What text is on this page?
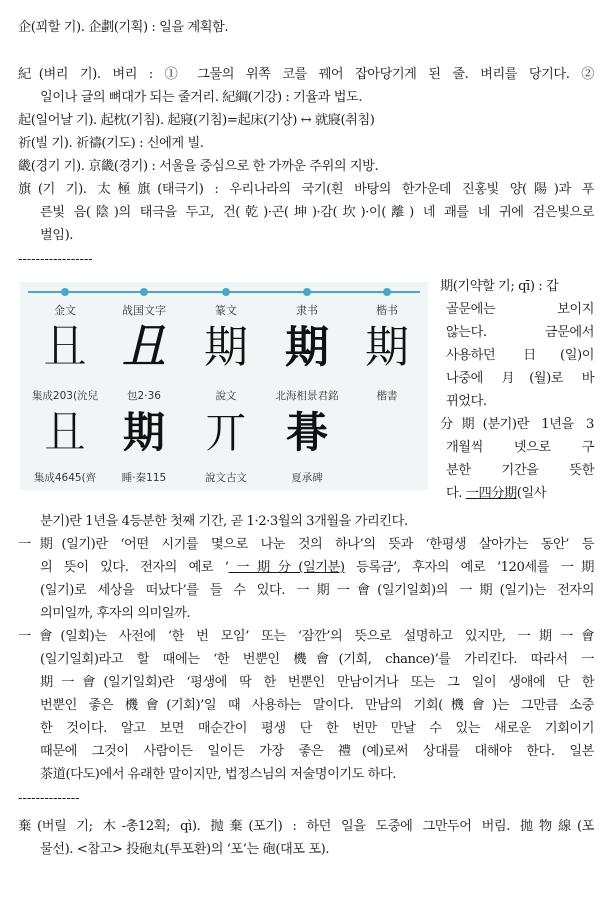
企(꾀할 기). 企劃(기획) : 일을 계획함.
紀(벼리 기). 벼리 : ① 그물의 위쪽 코를 꿰어 잡아당기게 된 줄. 벼리를 당기다. ②
일이나 글의 뼈대가 되는 줄거리. 紀綱(기강) : 기율과 법도.
起(일어날 기). 起枕(기침). 起寢(기침)=起床(기상) ↔ 就寢(취침)
祈(빌 기). 祈禱(기도) : 신에게 빌.
畿(경기 기). 京畿(경기) : 서울을 중심으로 한 가까운 주위의 지방.
旗(기 기). 太極旗(태극기) : 우리나라의 국기(흰 바탕의 한가운데 진홍빛 양(陽)과 푸
른빛 음(陰)의 태극을 두고, 건(乾)·곤(坤)·감(坎)·이(離) 네 괘를 네 귀에 검은빛으로
벌임).
-----------------
金文	战国文字	篆文	隶书	楷书
𠀇 𠀇 期 期 期
集成203(沇兒	包2·36	說文	北海相景君銘	楷書
𠀇 期 丌 朞
集成4645(齊	睡·秦115	說文古文	夏承碑
期(기약할 기; qī) : 갑
골문에는 보이지
않는다. 금문에서
사용하던 日(일)이
나중에 月(월)로 바
뀌었다.
分期(분기)란 1년을 3
개월씩 넷으로 구
분한 기간을 뜻한
다. 一四分期(일사
분기)란 1년을 4등분한 첫째 기간, 곧 1·2·3월의 3개월을 가리킨다.
一期(일기)란 ‘어떤 시기를 몇으로 나눈 것의 하나’의 뜻과 ‘한평생 살아가는 동안’ 등
의 뜻이 있다. 전자의 예로 ‘一期分(일기분) 등록금’, 후자의 예로 ‘120세를 一期
(일기)로 세상을 떠났다’를 들 수 있다. 一期一會(일기일회)의 一期(일기)는 전자의
의미일까, 후자의 의미일까.
一會(일회)는 사전에 ‘한 번 모임’ 또는 ‘잠깐’의 뜻으로 설명하고 있지만, 一期一會
(일기일회)라고 할 때에는 ‘한 번뿐인 機會(기회, chance)’를 가리킨다. 따라서 一
期一會(일기일회)란 ‘평생에 딱 한 번뿐인 만남이거나 또는 그 일이 생애에 단 한
번뿐인 좋은 機會(기회)’일 때 사용하는 말이다. 만남의 기회(機會)는 그만큼 소중
한 것이다. 알고 보면 매순간이 평생 단 한 번만 만날 수 있는 새로운 기회이기
때문에 그것이 사람이든 일이든 가장 좋은 禮(예)로써 상대를 대해야 한다. 일본
茶道(다도)에서 유래한 말이지만, 법정스님의 저술명이기도 하다.
--------------
棄(버릴 기; 木-총12획; qì). 抛棄(포기) : 하던 일을 도중에 그만두어 버림. 拋物線(포
물선). <참고> 投砲丸(투포환)의 ‘포’는 砲(대포 포).
